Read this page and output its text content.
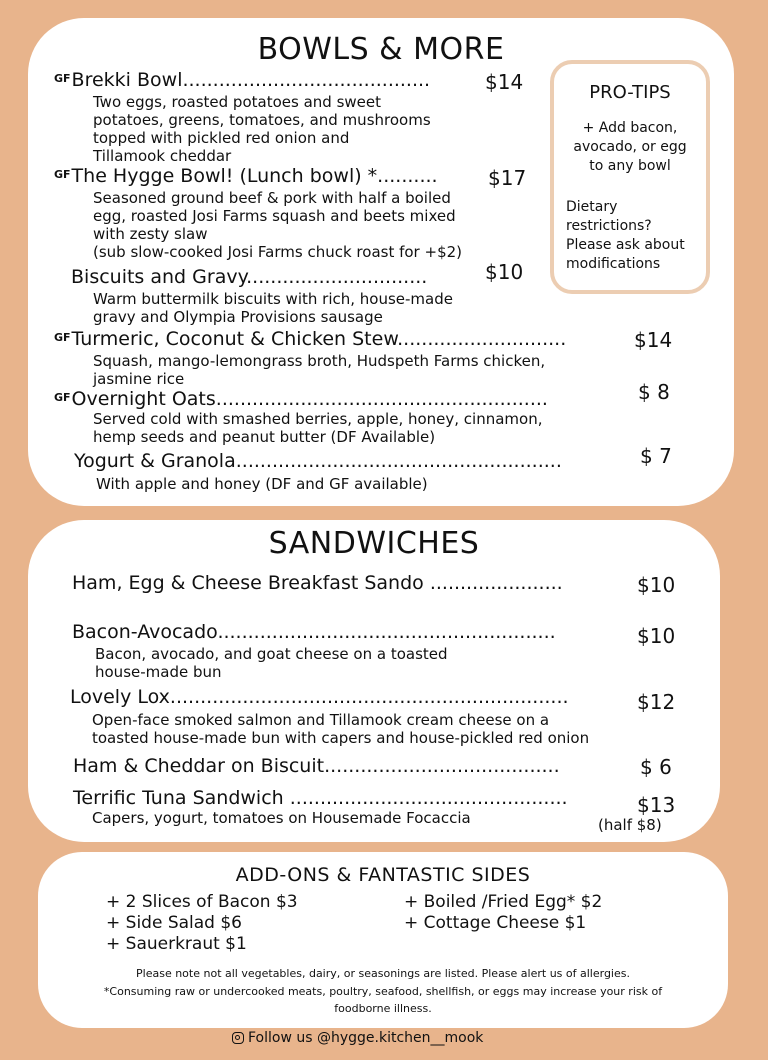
BOWLS & MORE
$^{GF}$Brekki Bowl.........................................	$14
Two eggs, roasted potatoes and sweet
potatoes, greens, tomatoes, and mushrooms
topped with pickled red onion and
Tillamook cheddar
$^{GF}$The Hygge Bowl! (Lunch bowl) *..........	$17
Seasoned ground beef & pork with half a boiled
egg, roasted Josi Farms squash and beets mixed
with zesty slaw
(sub slow-cooked Josi Farms chuck roast for +$2)
Biscuits and Gravy..............................	$10
Warm buttermilk biscuits with rich, house-made
gravy and Olympia Provisions sausage
$^{GF}$Turmeric, Coconut & Chicken Stew............................	$14
Squash, mango-lemongrass broth, Hudspeth Farms chicken,
jasmine rice
$^{GF}$Overnight Oats.......................................................	$ 8
Served cold with smashed berries, apple, honey, cinnamon,
hemp seeds and peanut butter (DF Available)
Yogurt & Granola......................................................	$ 7
With apple and honey (DF and GF available)
PRO-TIPS
+ Add bacon,
avocado, or egg
to any bowl
Dietary
restrictions?
Please ask about
modifications
SANDWICHES
Ham, Egg & Cheese Breakfast Sando ......................	$10
Bacon-Avocado........................................................	$10
Bacon, avocado, and goat cheese on a toasted
house-made bun
Lovely Lox..................................................................	$12
Open-face smoked salmon and Tillamook cream cheese on a
toasted house-made bun with capers and house-pickled red onion
Ham & Cheddar on Biscuit.......................................	$ 6
Terrific Tuna Sandwich ..............................................	$13
Capers, yogurt, tomatoes on Housemade Focaccia	(half $8)
ADD-ONS & FANTASTIC SIDES
+ 2 Slices of Bacon $3
+ Side Salad $6
+ Sauerkraut $1
+ Boiled /Fried Egg* $2
+ Cottage Cheese $1
Please note not all vegetables, dairy, or seasonings are listed. Please alert us of allergies.
*Consuming raw or undercooked meats, poultry, seafood, shellfish, or eggs may increase your risk of
foodborne illness.
Follow us @hygge.kitchen__mook
